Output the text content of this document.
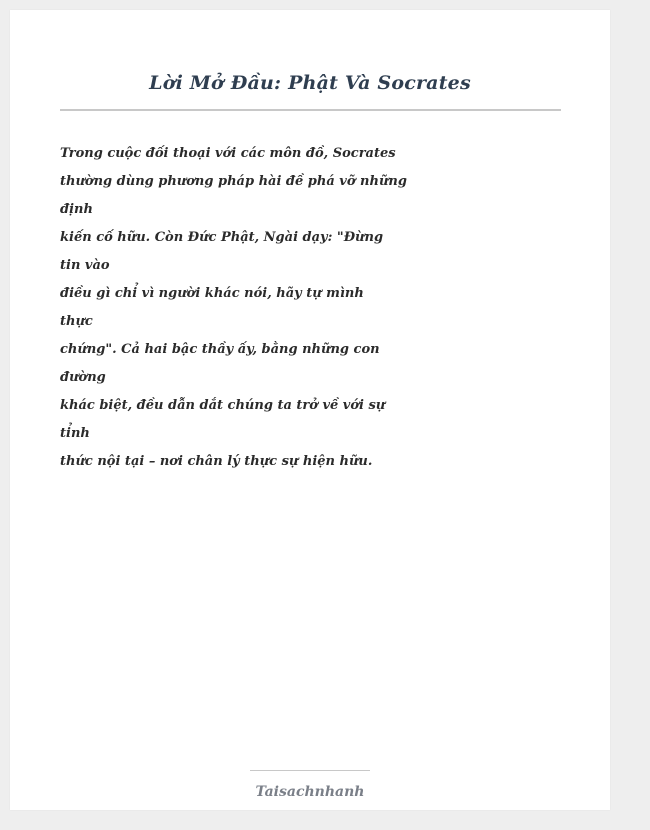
Lời Mở Đầu: Phật Và Socrates
Trong cuộc đối thoại với các môn đồ, Socrates
thường dùng phương pháp hài đề phá vỡ những
định
kiến cố hữu. Còn Đức Phật, Ngài dạy: "Đừng
tin vào
điều gì chỉ vì người khác nói, hãy tự mình
thực
chứng". Cả hai bậc thầy ấy, bằng những con
đường
khác biệt, đều dẫn dắt chúng ta trở về với sự
tỉnh
thức nội tại – nơi chân lý thực sự hiện hữu.
Taisachnhanh
